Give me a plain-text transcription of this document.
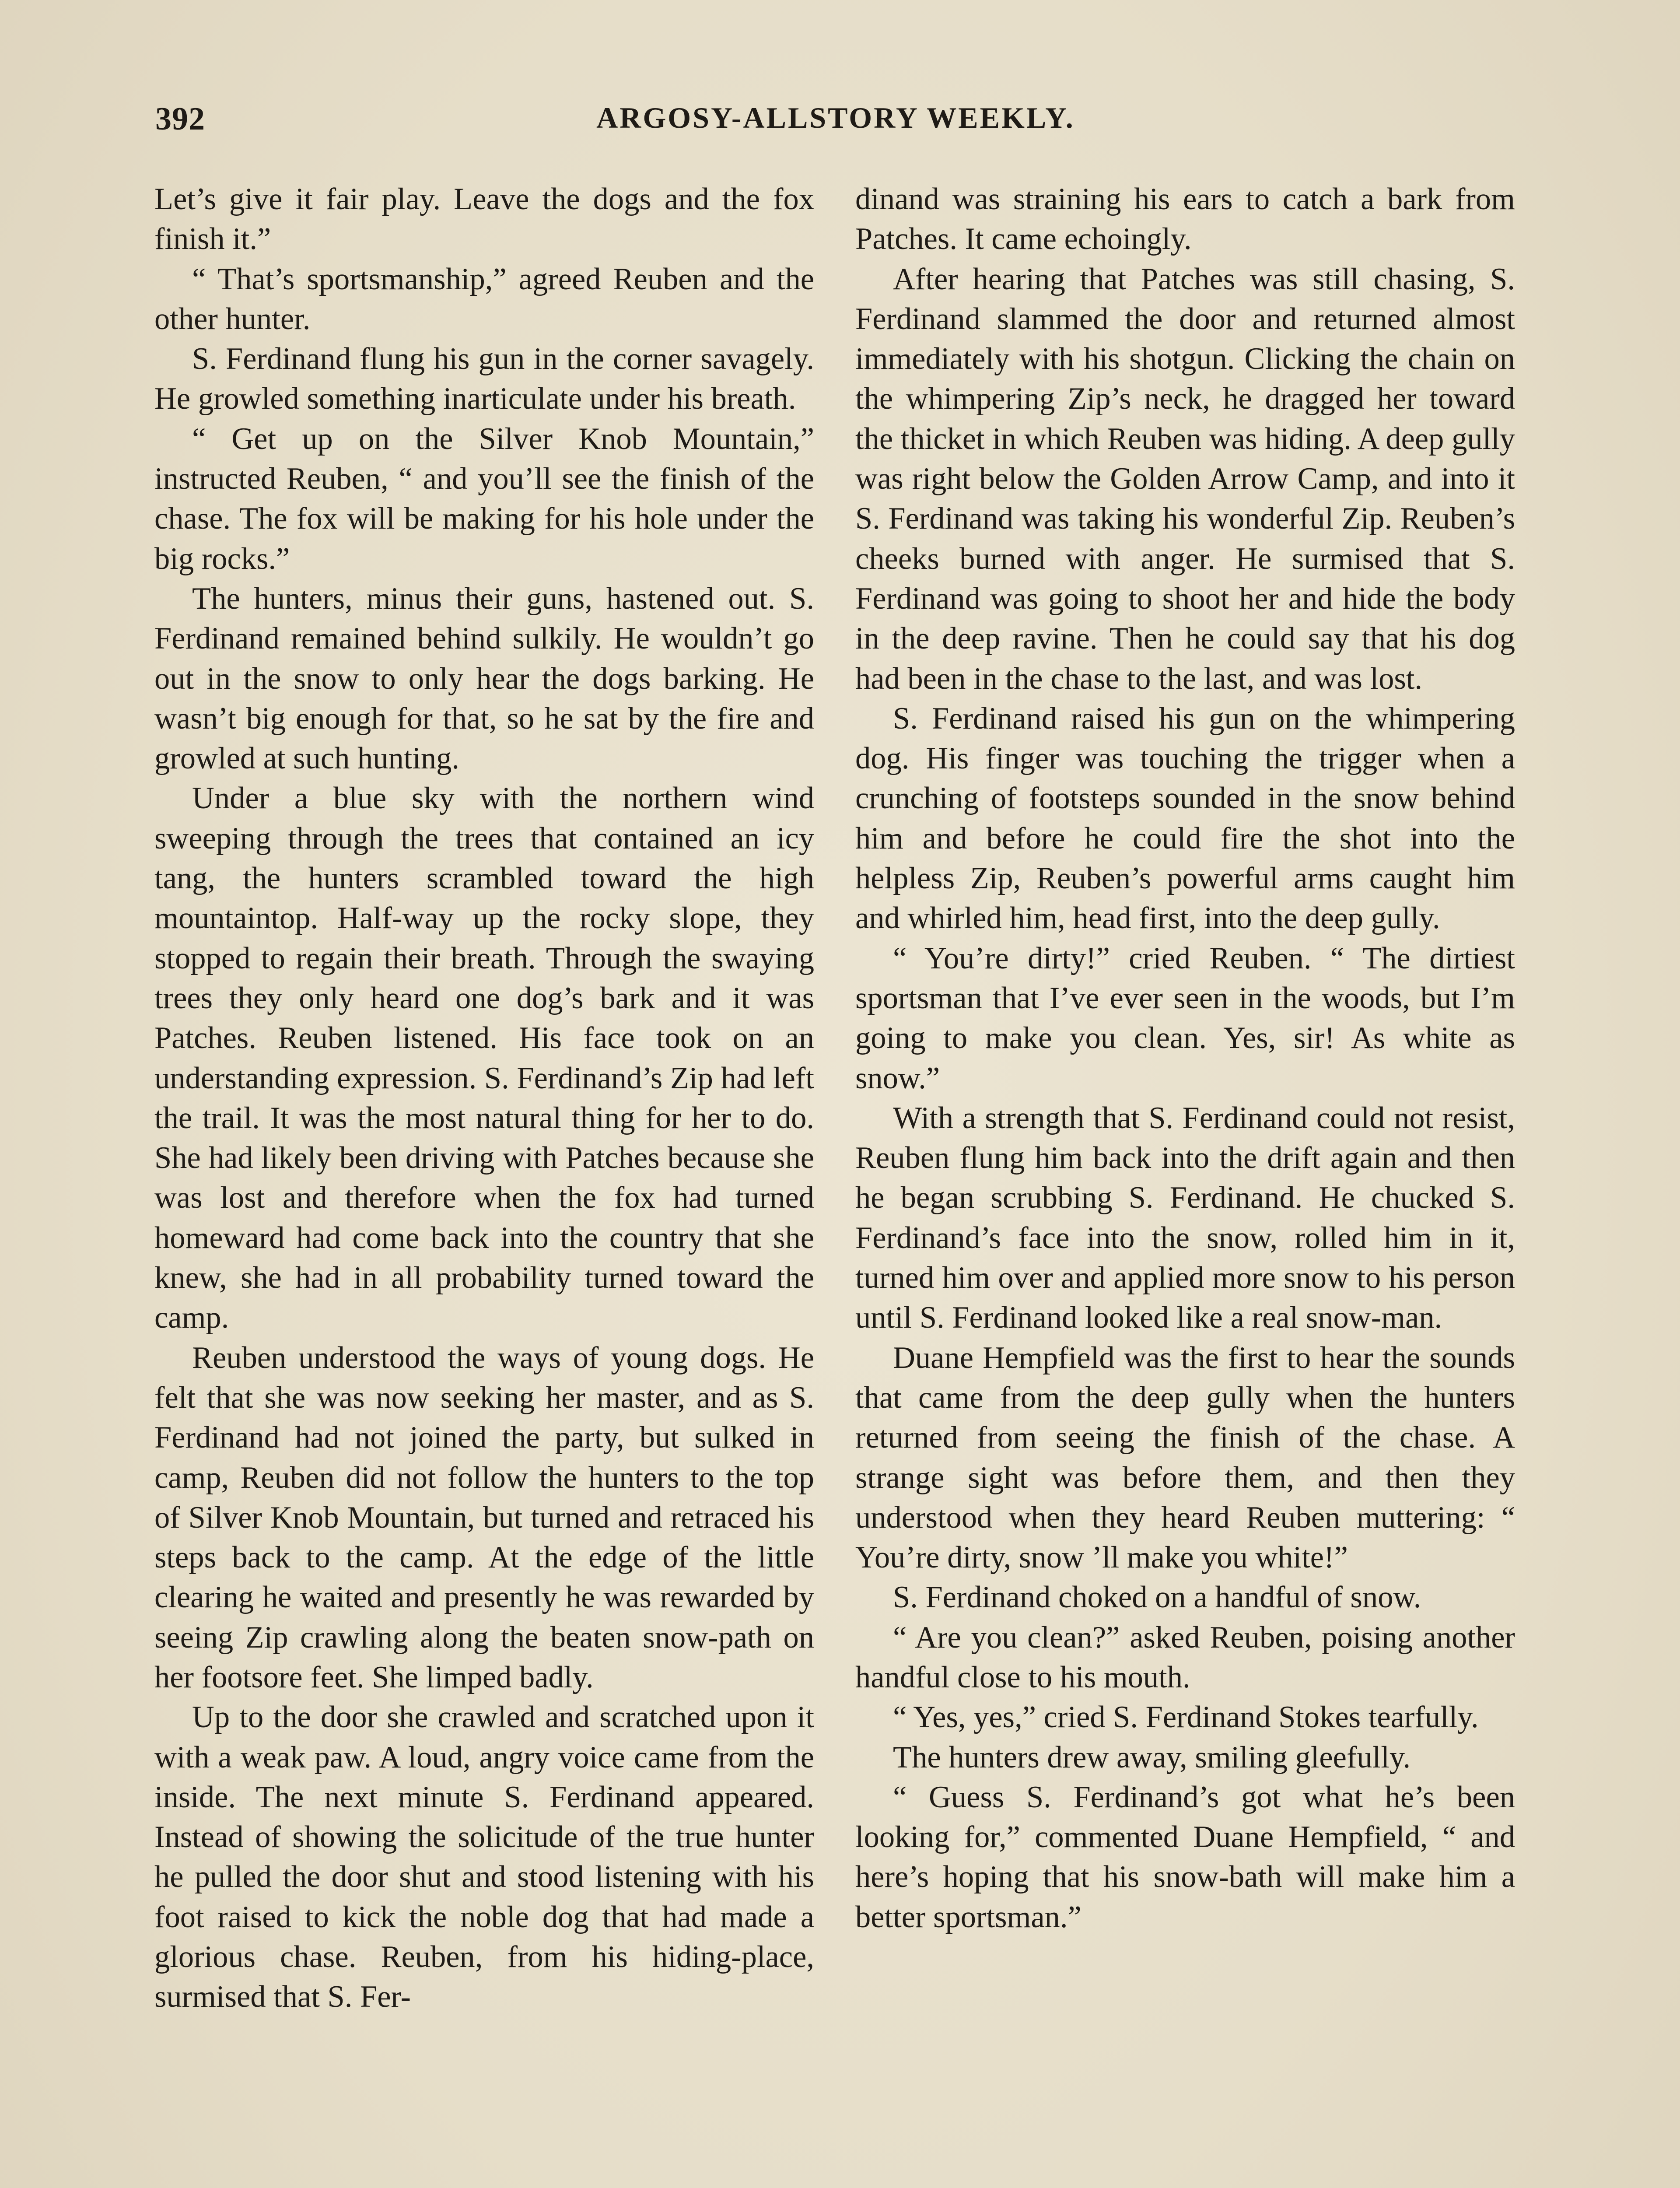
392	ARGOSY-ALLSTORY WEEKLY.

Let’s give it fair play. Leave the dogs and the fox finish it.”

“ That’s sportsmanship,” agreed Reuben and the other hunter.

S. Ferdinand flung his gun in the corner savagely. He growled something inarticulate under his breath.

“ Get up on the Silver Knob Mountain,” instructed Reuben, “ and you’ll see the finish of the chase. The fox will be making for his hole under the big rocks.”

The hunters, minus their guns, hastened out. S. Ferdinand remained behind sulkily. He wouldn’t go out in the snow to only hear the dogs barking. He wasn’t big enough for that, so he sat by the fire and growled at such hunting.

Under a blue sky with the northern wind sweeping through the trees that contained an icy tang, the hunters scrambled toward the high mountaintop. Half-way up the rocky slope, they stopped to regain their breath. Through the swaying trees they only heard one dog’s bark and it was Patches. Reuben listened. His face took on an understanding expression. S. Ferdinand’s Zip had left the trail. It was the most natural thing for her to do. She had likely been driving with Patches because she was lost and therefore when the fox had turned homeward had come back into the country that she knew, she had in all probability turned toward the camp.

Reuben understood the ways of young dogs. He felt that she was now seeking her master, and as S. Ferdinand had not joined the party, but sulked in camp, Reuben did not follow the hunters to the top of Silver Knob Mountain, but turned and retraced his steps back to the camp. At the edge of the little clearing he waited and presently he was rewarded by seeing Zip crawling along the beaten snow-path on her footsore feet. She limped badly.

Up to the door she crawled and scratched upon it with a weak paw. A loud, angry voice came from the inside. The next minute S. Ferdinand appeared. Instead of showing the solicitude of the true hunter he pulled the door shut and stood listening with his foot raised to kick the noble dog that had made a glorious chase. Reuben, from his hiding-place, surmised that S. Fer-

dinand was straining his ears to catch a bark from Patches. It came echoingly.

After hearing that Patches was still chasing, S. Ferdinand slammed the door and returned almost immediately with his shotgun. Clicking the chain on the whimpering Zip’s neck, he dragged her toward the thicket in which Reuben was hiding. A deep gully was right below the Golden Arrow Camp, and into it S. Ferdinand was taking his wonderful Zip. Reuben’s cheeks burned with anger. He surmised that S. Ferdinand was going to shoot her and hide the body in the deep ravine. Then he could say that his dog had been in the chase to the last, and was lost.

S. Ferdinand raised his gun on the whimpering dog. His finger was touching the trigger when a crunching of footsteps sounded in the snow behind him and before he could fire the shot into the helpless Zip, Reuben’s powerful arms caught him and whirled him, head first, into the deep gully.

“ You’re dirty!” cried Reuben. “ The dirtiest sportsman that I’ve ever seen in the woods, but I’m going to make you clean. Yes, sir! As white as snow.”

With a strength that S. Ferdinand could not resist, Reuben flung him back into the drift again and then he began scrubbing S. Ferdinand. He chucked S. Ferdinand’s face into the snow, rolled him in it, turned him over and applied more snow to his person until S. Ferdinand looked like a real snow-man.

Duane Hempfield was the first to hear the sounds that came from the deep gully when the hunters returned from seeing the finish of the chase. A strange sight was before them, and then they understood when they heard Reuben muttering: “ You’re dirty, snow ’ll make you white!”

S. Ferdinand choked on a handful of snow.

“ Are you clean?” asked Reuben, poising another handful close to his mouth.

“ Yes, yes,” cried S. Ferdinand Stokes tearfully.

The hunters drew away, smiling gleefully.

“ Guess S. Ferdinand’s got what he’s been looking for,” commented Duane Hempfield, “ and here’s hoping that his snow-bath will make him a better sportsman.”
